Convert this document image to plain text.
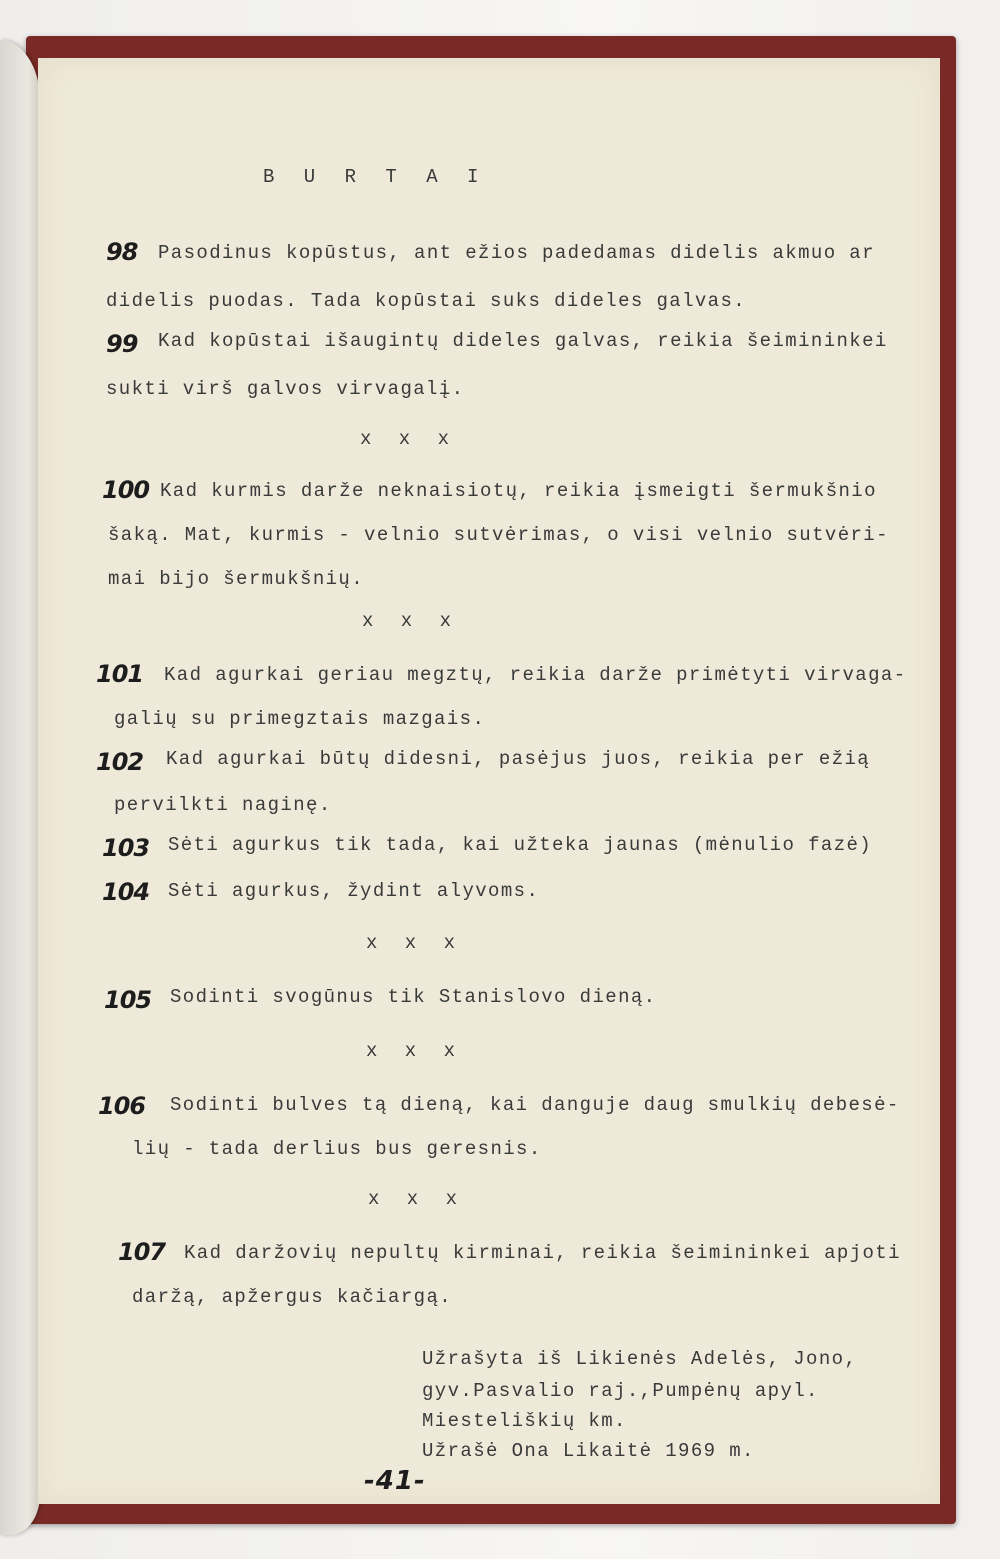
B U R T A I
98 Pasodinus kopūstus, ant ežios padedamas didelis akmuo ar
didelis puodas. Tada kopūstai suks dideles galvas.
99 Kad kopūstai išaugintų dideles galvas, reikia šeimininkei
sukti virš galvos virvagalį.
x x x
100 Kad kurmis darže neknaisiotų, reikia įsmeigti šermukšnio
šaką. Mat, kurmis - velnio sutvėrimas, o visi velnio sutvėri-
mai bijo šermukšnių.
x x x
101 Kad agurkai geriau megztų, reikia darže primėtyti virvaga-
galių su primegztais mazgais.
102 Kad agurkai būtų didesni, pasėjus juos, reikia per ežią
pervilkti naginę.
103 Sėti agurkus tik tada, kai užteka jaunas (mėnulio fazė)
104 Sėti agurkus, žydint alyvoms.
x x x
105 Sodinti svogūnus tik Stanislovo dieną.
x x x
106 Sodinti bulves tą dieną, kai danguje daug smulkių debesė-
lių - tada derlius bus geresnis.
x x x
107 Kad daržovių nepultų kirminai, reikia šeimininkei apjoti
daržą, apžergus kačiargą.
Užrašyta iš Likienės Adelės, Jono,
gyv.Pasvalio raj.,Pumpėnų apyl.
Miesteliškių km.
Užrašė Ona Likaitė 1969 m.
-41-
